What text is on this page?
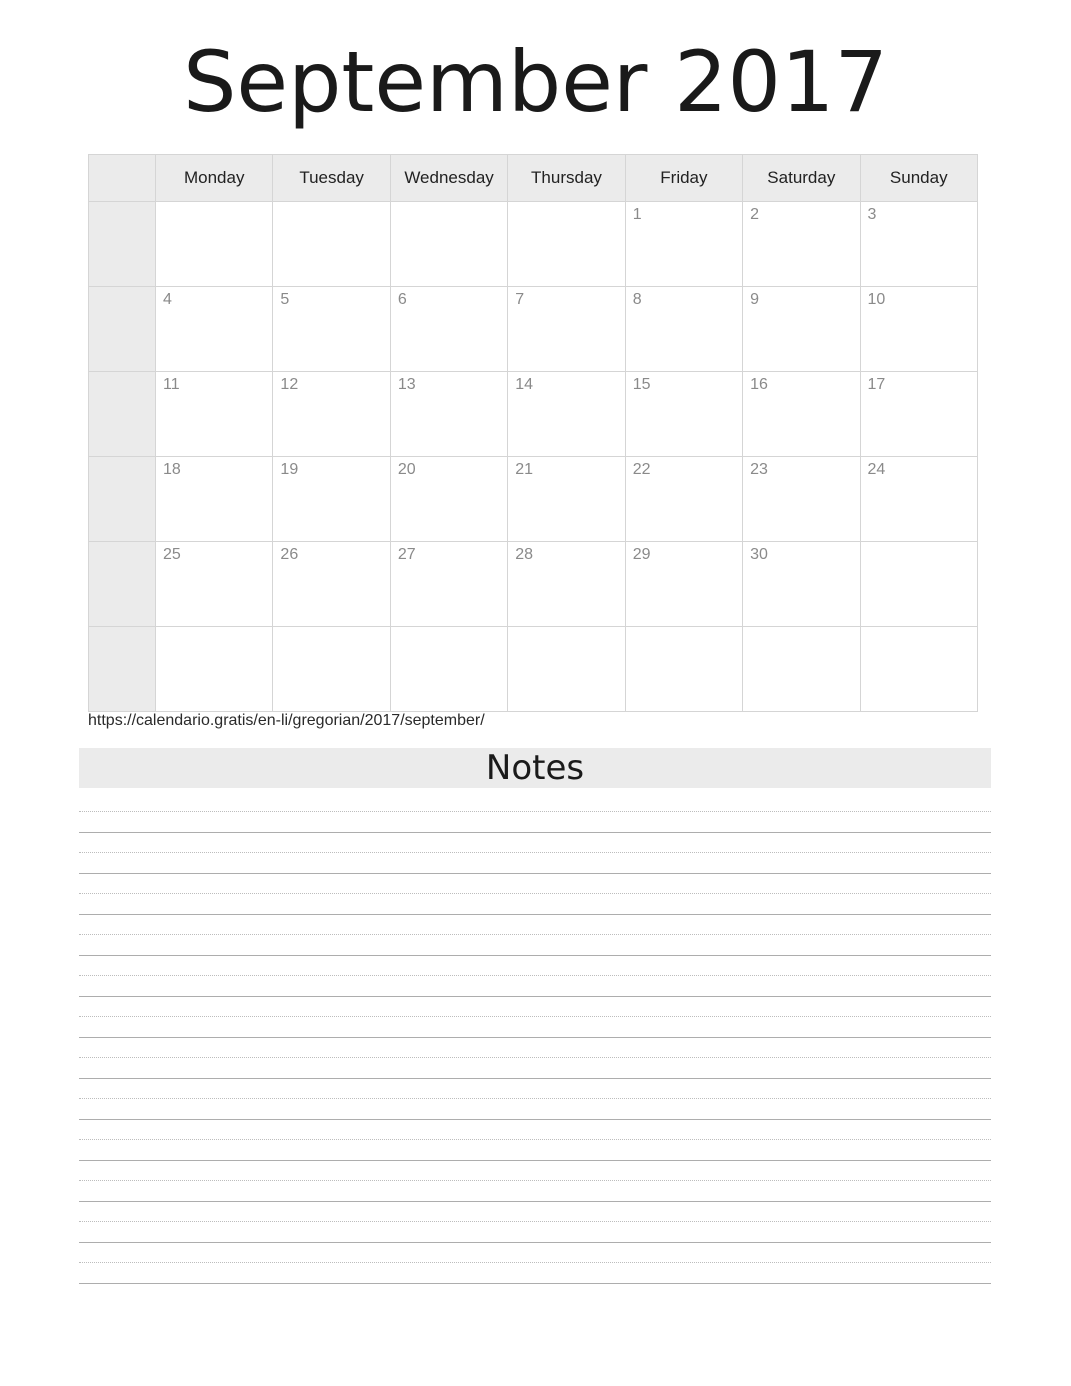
September 2017
	Monday	Tuesday	Wednesday	Thursday	Friday	Saturday	Sunday

					1	2	3

	4	5	6	7	8	9	10

	11	12	13	14	15	16	17

	18	19	20	21	22	23	24

	25	26	27	28	29	30	

https://calendario.gratis/en-li/gregorian/2017/september/
Notes
